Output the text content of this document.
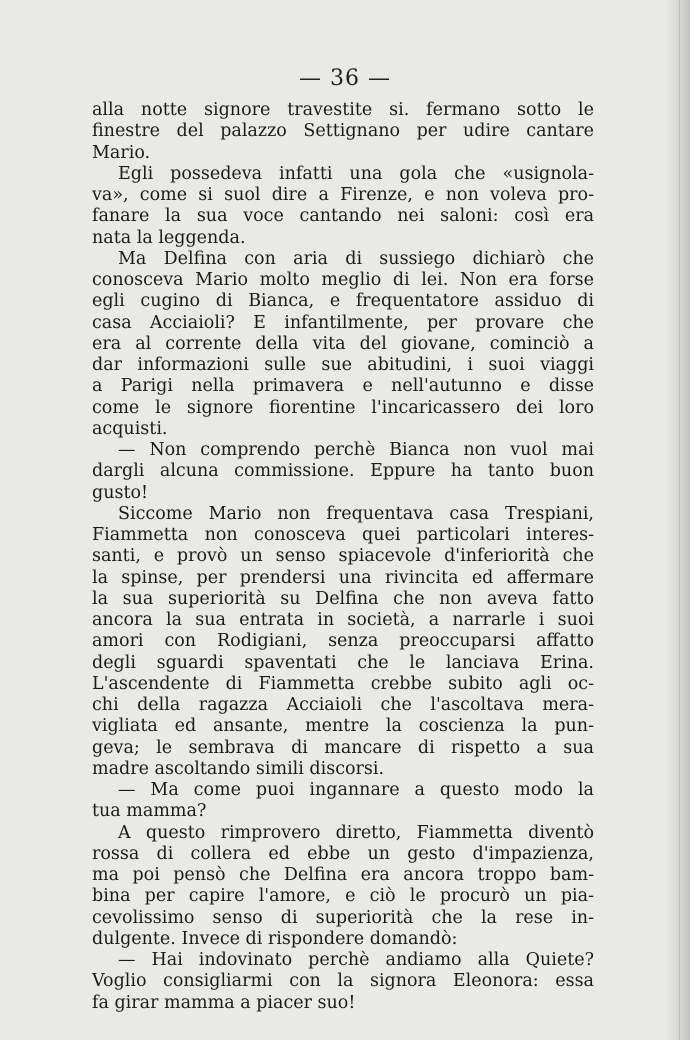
— 36 —
alla notte signore travestite si. fermano sotto le
finestre del palazzo Settignano per udire cantare
Mario.
Egli possedeva infatti una gola che «usignola-
va», come si suol dire a Firenze, e non voleva pro-
fanare la sua voce cantando nei saloni: così era
nata la leggenda.
Ma Delfina con aria di sussiego dichiarò che
conosceva Mario molto meglio di lei. Non era forse
egli cugino di Bianca, e frequentatore assiduo di
casa Acciaioli? E infantilmente, per provare che
era al corrente della vita del giovane, cominciò a
dar informazioni sulle sue abitudini, i suoi viaggi
a Parigi nella primavera e nell'autunno e disse
come le signore fiorentine l'incaricassero dei loro
acquisti.
— Non comprendo perchè Bianca non vuol mai
dargli alcuna commissione. Eppure ha tanto buon
gusto!
Siccome Mario non frequentava casa Trespiani,
Fiammetta non conosceva quei particolari interes-
santi, e provò un senso spiacevole d'inferiorità che
la spinse, per prendersi una rivincita ed affermare
la sua superiorità su Delfina che non aveva fatto
ancora la sua entrata in società, a narrarle i suoi
amori con Rodigiani, senza preoccuparsi affatto
degli sguardi spaventati che le lanciava Erina.
L'ascendente di Fiammetta crebbe subito agli oc-
chi della ragazza Acciaioli che l'ascoltava mera-
vigliata ed ansante, mentre la coscienza la pun-
geva; le sembrava di mancare di rispetto a sua
madre ascoltando simili discorsi.
— Ma come puoi ingannare a questo modo la
tua mamma?
A questo rimprovero diretto, Fiammetta diventò
rossa di collera ed ebbe un gesto d'impazienza,
ma poi pensò che Delfina era ancora troppo bam-
bina per capire l'amore, e ciò le procurò un pia-
cevolissimo senso di superiorità che la rese in-
dulgente. Invece di rispondere domandò:
— Hai indovinato perchè andiamo alla Quiete?
Voglio consigliarmi con la signora Eleonora: essa
fa girar mamma a piacer suo!
